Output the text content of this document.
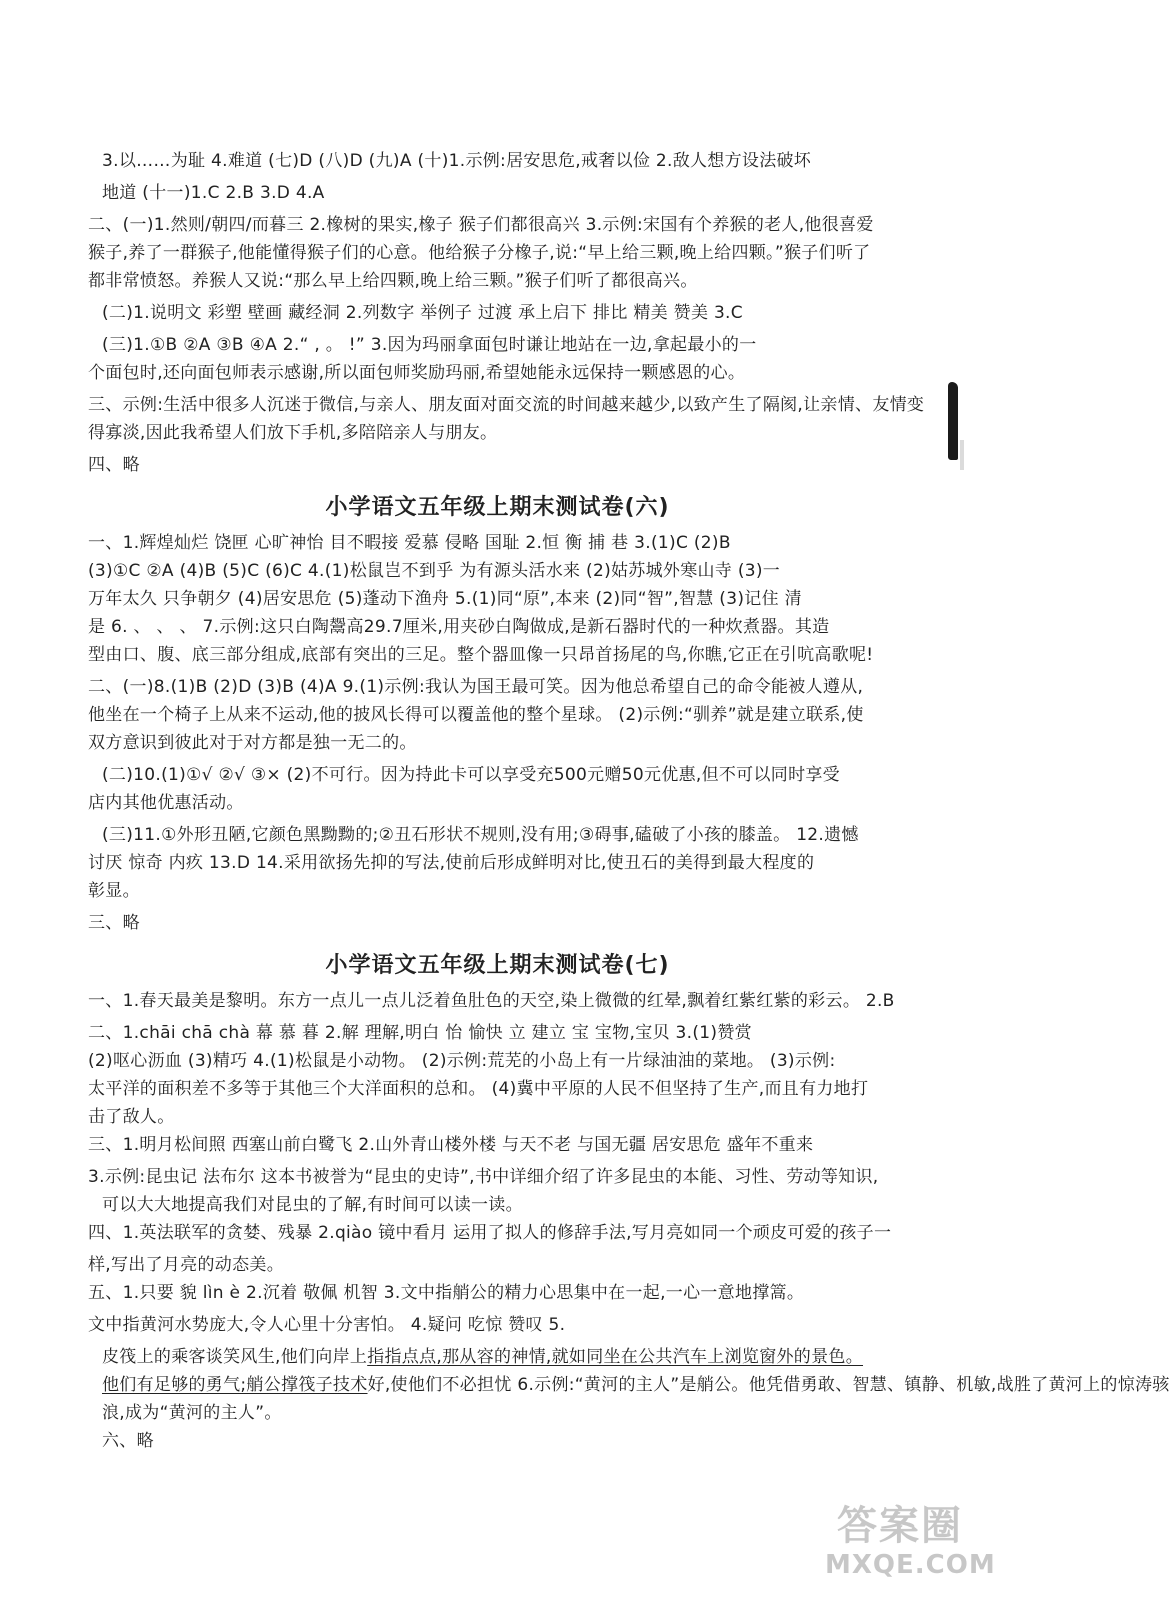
3.以……为耻 4.难道 (七)D (八)D (九)A (十)1.示例:居安思危,戒奢以俭 2.敌人想方设法破坏
地道 (十一)1.C 2.B 3.D 4.A
二、(一)1.然则/朝四/而暮三 2.橡树的果实,橡子 猴子们都很高兴 3.示例:宋国有个养猴的老人,他很喜爱
猴子,养了一群猴子,他能懂得猴子们的心意。他给猴子分橡子,说:“早上给三颗,晚上给四颗。”猴子们听了
都非常愤怒。养猴人又说:“那么早上给四颗,晚上给三颗。”猴子们听了都很高兴。
(二)1.说明文 彩塑 壁画 藏经洞 2.列数字 举例子 过渡 承上启下 排比 精美 赞美 3.C
(三)1.①B ②A ③B ④A 2.“ , 。 !” 3.因为玛丽拿面包时谦让地站在一边,拿起最小的一
个面包时,还向面包师表示感谢,所以面包师奖励玛丽,希望她能永远保持一颗感恩的心。
三、示例:生活中很多人沉迷于微信,与亲人、朋友面对面交流的时间越来越少,以致产生了隔阂,让亲情、友情变
得寡淡,因此我希望人们放下手机,多陪陪亲人与朋友。
四、略
小学语文五年级上期末测试卷(六)
一、1.辉煌灿烂 饶匣 心旷神怡 目不暇接 爱慕 侵略 国耻 2.恒 衡 捕 巷 3.(1)C (2)B
(3)①C ②A (4)B (5)C (6)C 4.(1)松鼠岂不到乎 为有源头活水来 (2)姑苏城外寒山寺 (3)一
万年太久 只争朝夕 (4)居安思危 (5)蓬动下渔舟 5.(1)同“原”,本来 (2)同“智”,智慧 (3)记住 清
是 6. 、 、 、 7.示例:这只白陶鬶高29.7厘米,用夹砂白陶做成,是新石器时代的一种炊煮器。其造
型由口、腹、底三部分组成,底部有突出的三足。整个器皿像一只昂首扬尾的鸟,你瞧,它正在引吭高歌呢!
二、(一)8.(1)B (2)D (3)B (4)A 9.(1)示例:我认为国王最可笑。因为他总希望自己的命令能被人遵从,
他坐在一个椅子上从来不运动,他的披风长得可以覆盖他的整个星球。 (2)示例:“驯养”就是建立联系,使
双方意识到彼此对于对方都是独一无二的。
(二)10.(1)①√ ②√ ③× (2)不可行。因为持此卡可以享受充500元赠50元优惠,但不可以同时享受
店内其他优惠活动。
(三)11.①外形丑陋,它颜色黑黝黝的;②丑石形状不规则,没有用;③碍事,磕破了小孩的膝盖。 12.遗憾
讨厌 惊奇 内疚 13.D 14.采用欲扬先抑的写法,使前后形成鲜明对比,使丑石的美得到最大程度的
彰显。
三、略
小学语文五年级上期末测试卷(七)
一、1.春天最美是黎明。东方一点儿一点儿泛着鱼肚色的天空,染上微微的红晕,飘着红紫红紫的彩云。 2.B
二、1.chāi chā chà 幕 慕 暮 2.解 理解,明白 怡 愉快 立 建立 宝 宝物,宝贝 3.(1)赞赏
(2)呕心沥血 (3)精巧 4.(1)松鼠是小动物。 (2)示例:荒芜的小岛上有一片绿油油的菜地。 (3)示例:
太平洋的面积差不多等于其他三个大洋面积的总和。 (4)冀中平原的人民不但坚持了生产,而且有力地打
击了敌人。
三、1.明月松间照 西塞山前白鹭飞 2.山外青山楼外楼 与天不老 与国无疆 居安思危 盛年不重来
3.示例:昆虫记 法布尔 这本书被誉为“昆虫的史诗”,书中详细介绍了许多昆虫的本能、习性、劳动等知识,
可以大大地提高我们对昆虫的了解,有时间可以读一读。
四、1.英法联军的贪婪、残暴 2.qiào 镜中看月 运用了拟人的修辞手法,写月亮如同一个顽皮可爱的孩子一
样,写出了月亮的动态美。
五、1.只要 貌 lìn è 2.沉着 敬佩 机智 3.文中指艄公的精力心思集中在一起,一心一意地撑篙。
文中指黄河水势庞大,令人心里十分害怕。 4.疑问 吃惊 赞叹 5.
皮筏上的乘客谈笑风生,他们向岸上指指点点,那从容的神情,就如同坐在公共汽车上浏览窗外的景色。
他们有足够的勇气;艄公撑筏子技术好,使他们不必担忧 6.示例:“黄河的主人”是艄公。他凭借勇敢、智慧、镇静、机敏,战胜了黄河上的惊涛骇
浪,成为“黄河的主人”。
六、略
答案圈
MXQE.COM
